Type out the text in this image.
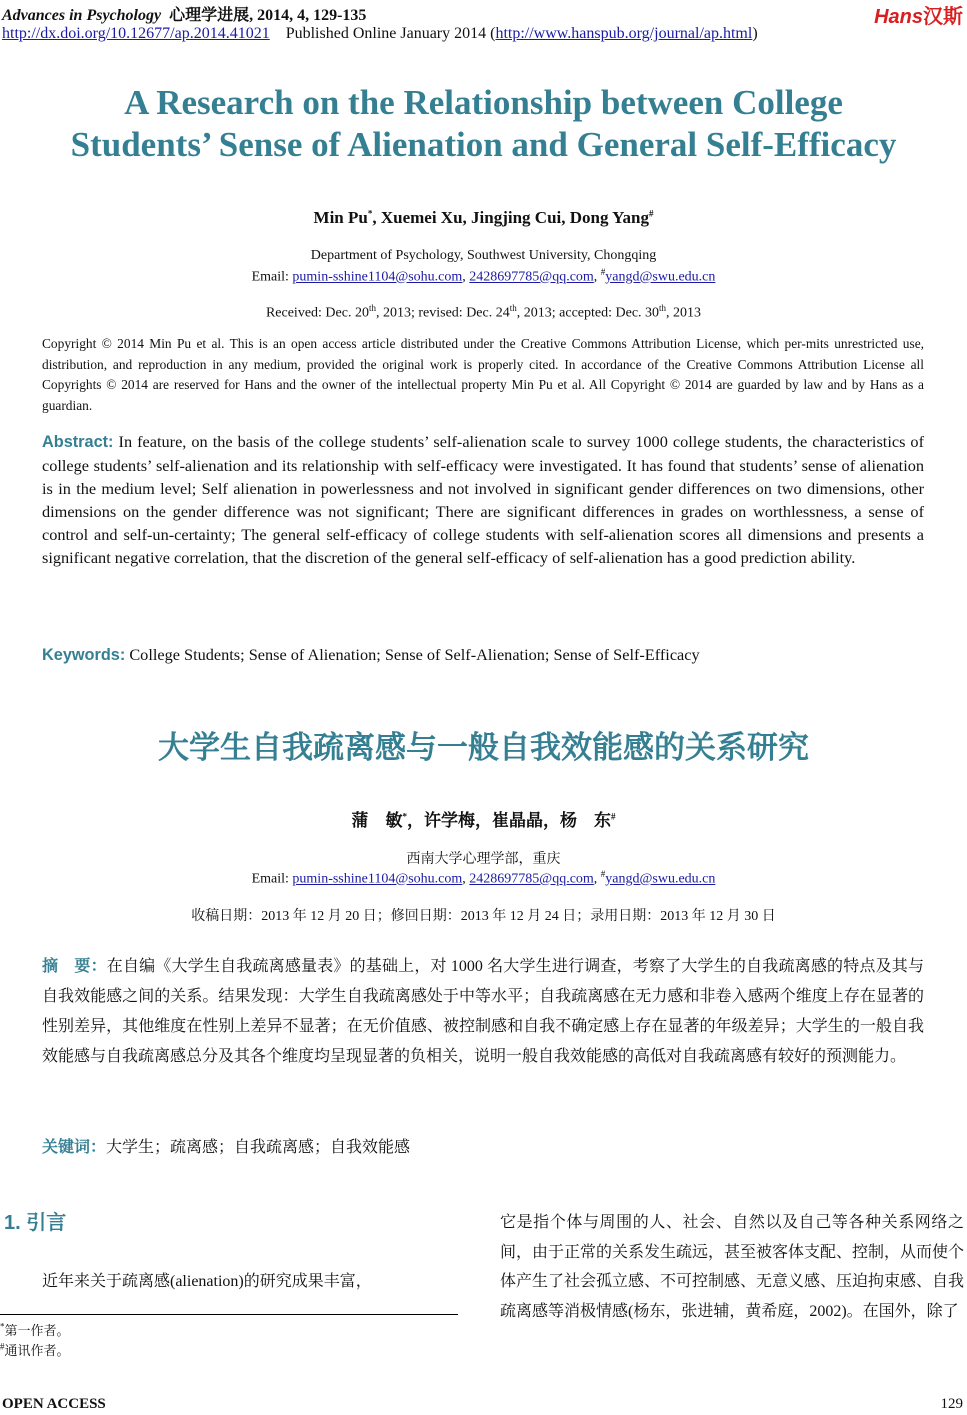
Advances in Psychology 心理学进展, 2014, 4, 129-135
http://dx.doi.org/10.12677/ap.2014.41021 Published Online January 2014 (http://www.hanspub.org/journal/ap.html)
Hans汉斯
A Research on the Relationship between College
Students’ Sense of Alienation and General Self-Efficacy
Min Pu*, Xuemei Xu, Jingjing Cui, Dong Yang#
Department of Psychology, Southwest University, Chongqing
Email: pumin-sshine1104@sohu.com, 2428697785@qq.com, #yangd@swu.edu.cn
Received: Dec. 20th, 2013; revised: Dec. 24th, 2013; accepted: Dec. 30th, 2013
Copyright © 2014 Min Pu et al. This is an open access article distributed under the Creative Commons Attribution License, which per-mits unrestricted use, distribution, and reproduction in any medium, provided the original work is properly cited. In accordance of the Creative Commons Attribution License all Copyrights © 2014 are reserved for Hans and the owner of the intellectual property Min Pu et al. All Copyright © 2014 are guarded by law and by Hans as a guardian.
Abstract: In feature, on the basis of the college students’ self-alienation scale to survey 1000 college students, the characteristics of college students’ self-alienation and its relationship with self-efficacy were investigated. It has found that students’ sense of alienation is in the medium level; Self alienation in powerlessness and not involved in significant gender differences on two dimensions, other dimensions on the gender difference was not significant; There are significant differences in grades on worthlessness, a sense of control and self-un-certainty; The general self-efficacy of college students with self-alienation scores all dimensions and presents a significant negative correlation, that the discretion of the general self-efficacy of self-alienation has a good prediction ability.
Keywords: College Students; Sense of Alienation; Sense of Self-Alienation; Sense of Self-Efficacy
大学生自我疏离感与一般自我效能感的关系研究
蒲　敏*，许学梅，崔晶晶，杨　东#
西南大学心理学部，重庆
Email: pumin-sshine1104@sohu.com, 2428697785@qq.com, #yangd@swu.edu.cn
收稿日期：2013 年 12 月 20 日；修回日期：2013 年 12 月 24 日；录用日期：2013 年 12 月 30 日
摘　要：在自编《大学生自我疏离感量表》的基础上，对 1000 名大学生进行调查，考察了大学生的自我疏离感的特点及其与自我效能感之间的关系。结果发现：大学生自我疏离感处于中等水平；自我疏离感在无力感和非卷入感两个维度上存在显著的性别差异，其他维度在性别上差异不显著；在无价值感、被控制感和自我不确定感上存在显著的年级差异；大学生的一般自我效能感与自我疏离感总分及其各个维度均呈现显著的负相关，说明一般自我效能感的高低对自我疏离感有较好的预测能力。
关键词：大学生；疏离感；自我疏离感；自我效能感
1. 引言
近年来关于疏离感(alienation)的研究成果丰富，
*第一作者。
#通讯作者。
它是指个体与周围的人、社会、自然以及自己等各种关系网络之间，由于正常的关系发生疏远，甚至被客体支配、控制，从而使个体产生了社会孤立感、不可控制感、无意义感、压迫拘束感、自我疏离感等消极情感(杨东，张进辅，黄希庭，2002)。在国外，除了
OPEN ACCESS	129
